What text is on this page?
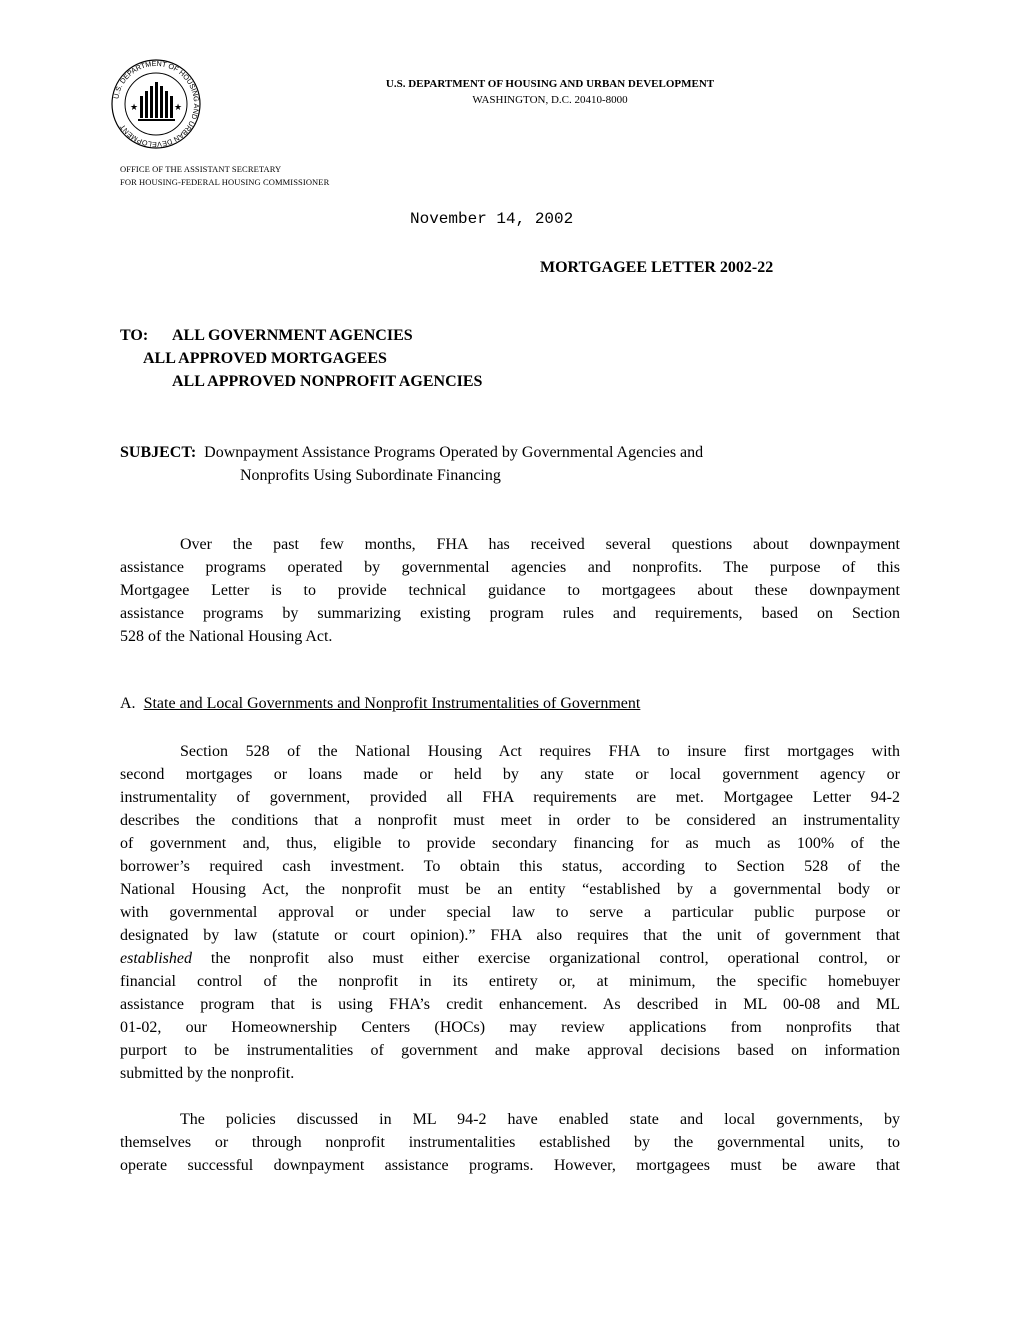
U.S. DEPARTMENT OF HOUSING AND URBAN DEVELOPMENT
★	★
U.S. DEPARTMENT OF HOUSING AND URBAN DEVELOPMENT
WASHINGTON, D.C. 20410-8000
OFFICE OF THE ASSISTANT SECRETARY
FOR HOUSING-FEDERAL HOUSING COMMISSIONER
November 14, 2002
MORTGAGEE LETTER 2002-22
TO: ALL GOVERNMENT AGENCIES
ALL APPROVED MORTGAGEES
ALL APPROVED NONPROFIT AGENCIES
SUBJECT: Downpayment Assistance Programs Operated by Governmental Agencies and
Nonprofits Using Subordinate Financing
Over the past few months, FHA has received several questions about downpayment
assistance programs operated by governmental agencies and nonprofits. The purpose of this
Mortgagee Letter is to provide technical guidance to mortgagees about these downpayment
assistance programs by summarizing existing program rules and requirements, based on Section
528 of the National Housing Act.
A. State and Local Governments and Nonprofit Instrumentalities of Government
Section 528 of the National Housing Act requires FHA to insure first mortgages with
second mortgages or loans made or held by any state or local government agency or
instrumentality of government, provided all FHA requirements are met. Mortgagee Letter 94-2
describes the conditions that a nonprofit must meet in order to be considered an instrumentality
of government and, thus, eligible to provide secondary financing for as much as 100% of the
borrower’s required cash investment. To obtain this status, according to Section 528 of the
National Housing Act, the nonprofit must be an entity “established by a governmental body or
with governmental approval or under special law to serve a particular public purpose or
designated by law (statute or court opinion).” FHA also requires that the unit of government that
established the nonprofit also must either exercise organizational control, operational control, or
financial control of the nonprofit in its entirety or, at minimum, the specific homebuyer
assistance program that is using FHA’s credit enhancement. As described in ML 00-08 and ML
01-02, our Homeownership Centers (HOCs) may review applications from nonprofits that
purport to be instrumentalities of government and make approval decisions based on information
submitted by the nonprofit.
The policies discussed in ML 94-2 have enabled state and local governments, by
themselves or through nonprofit instrumentalities established by the governmental units, to
operate successful downpayment assistance programs. However, mortgagees must be aware that
